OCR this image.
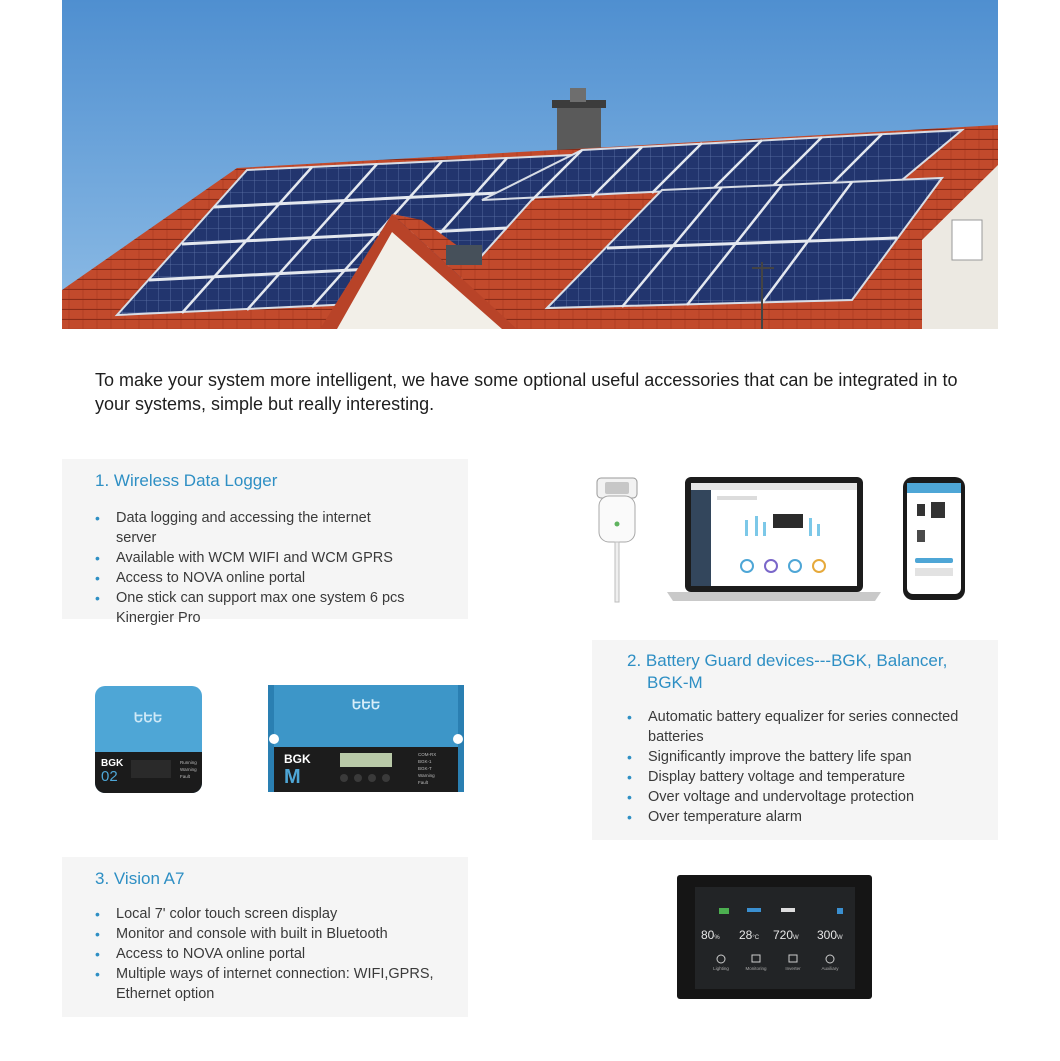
To make your system more intelligent, we have some optional useful accessories that can be integrated in to your systems, simple but really interesting.

1. Wireless Data Logger
• Data logging and accessing the internet server
• Available with WCM WIFI and WCM GPRS
• Access to NOVA online portal
• One stick can support max one system 6 pcs Kinergier Pro
2. Battery Guard devices---BGK, Balancer,
BGK-M
• Automatic battery equalizer for series connected batteries
• Significantly improve the battery life span
• Display battery voltage and temperature
• Over voltage and undervoltage protection
• Over temperature alarm
ԵԵԵ
BGK
02
Running
Warning
Fault
ԵԵԵ
BGK
M
COM-RX
BGK-1
BGK-T
Warning
Fault
3. Vision A7
• Local 7' color touch screen display
• Monitor and console with built in Bluetooth
• Access to NOVA online portal
• Multiple ways of internet connection: WIFI,GPRS, Ethernet option
80% 28°C 720W 300W
Lighting	Monitoring	Inverter	Auxiliary
